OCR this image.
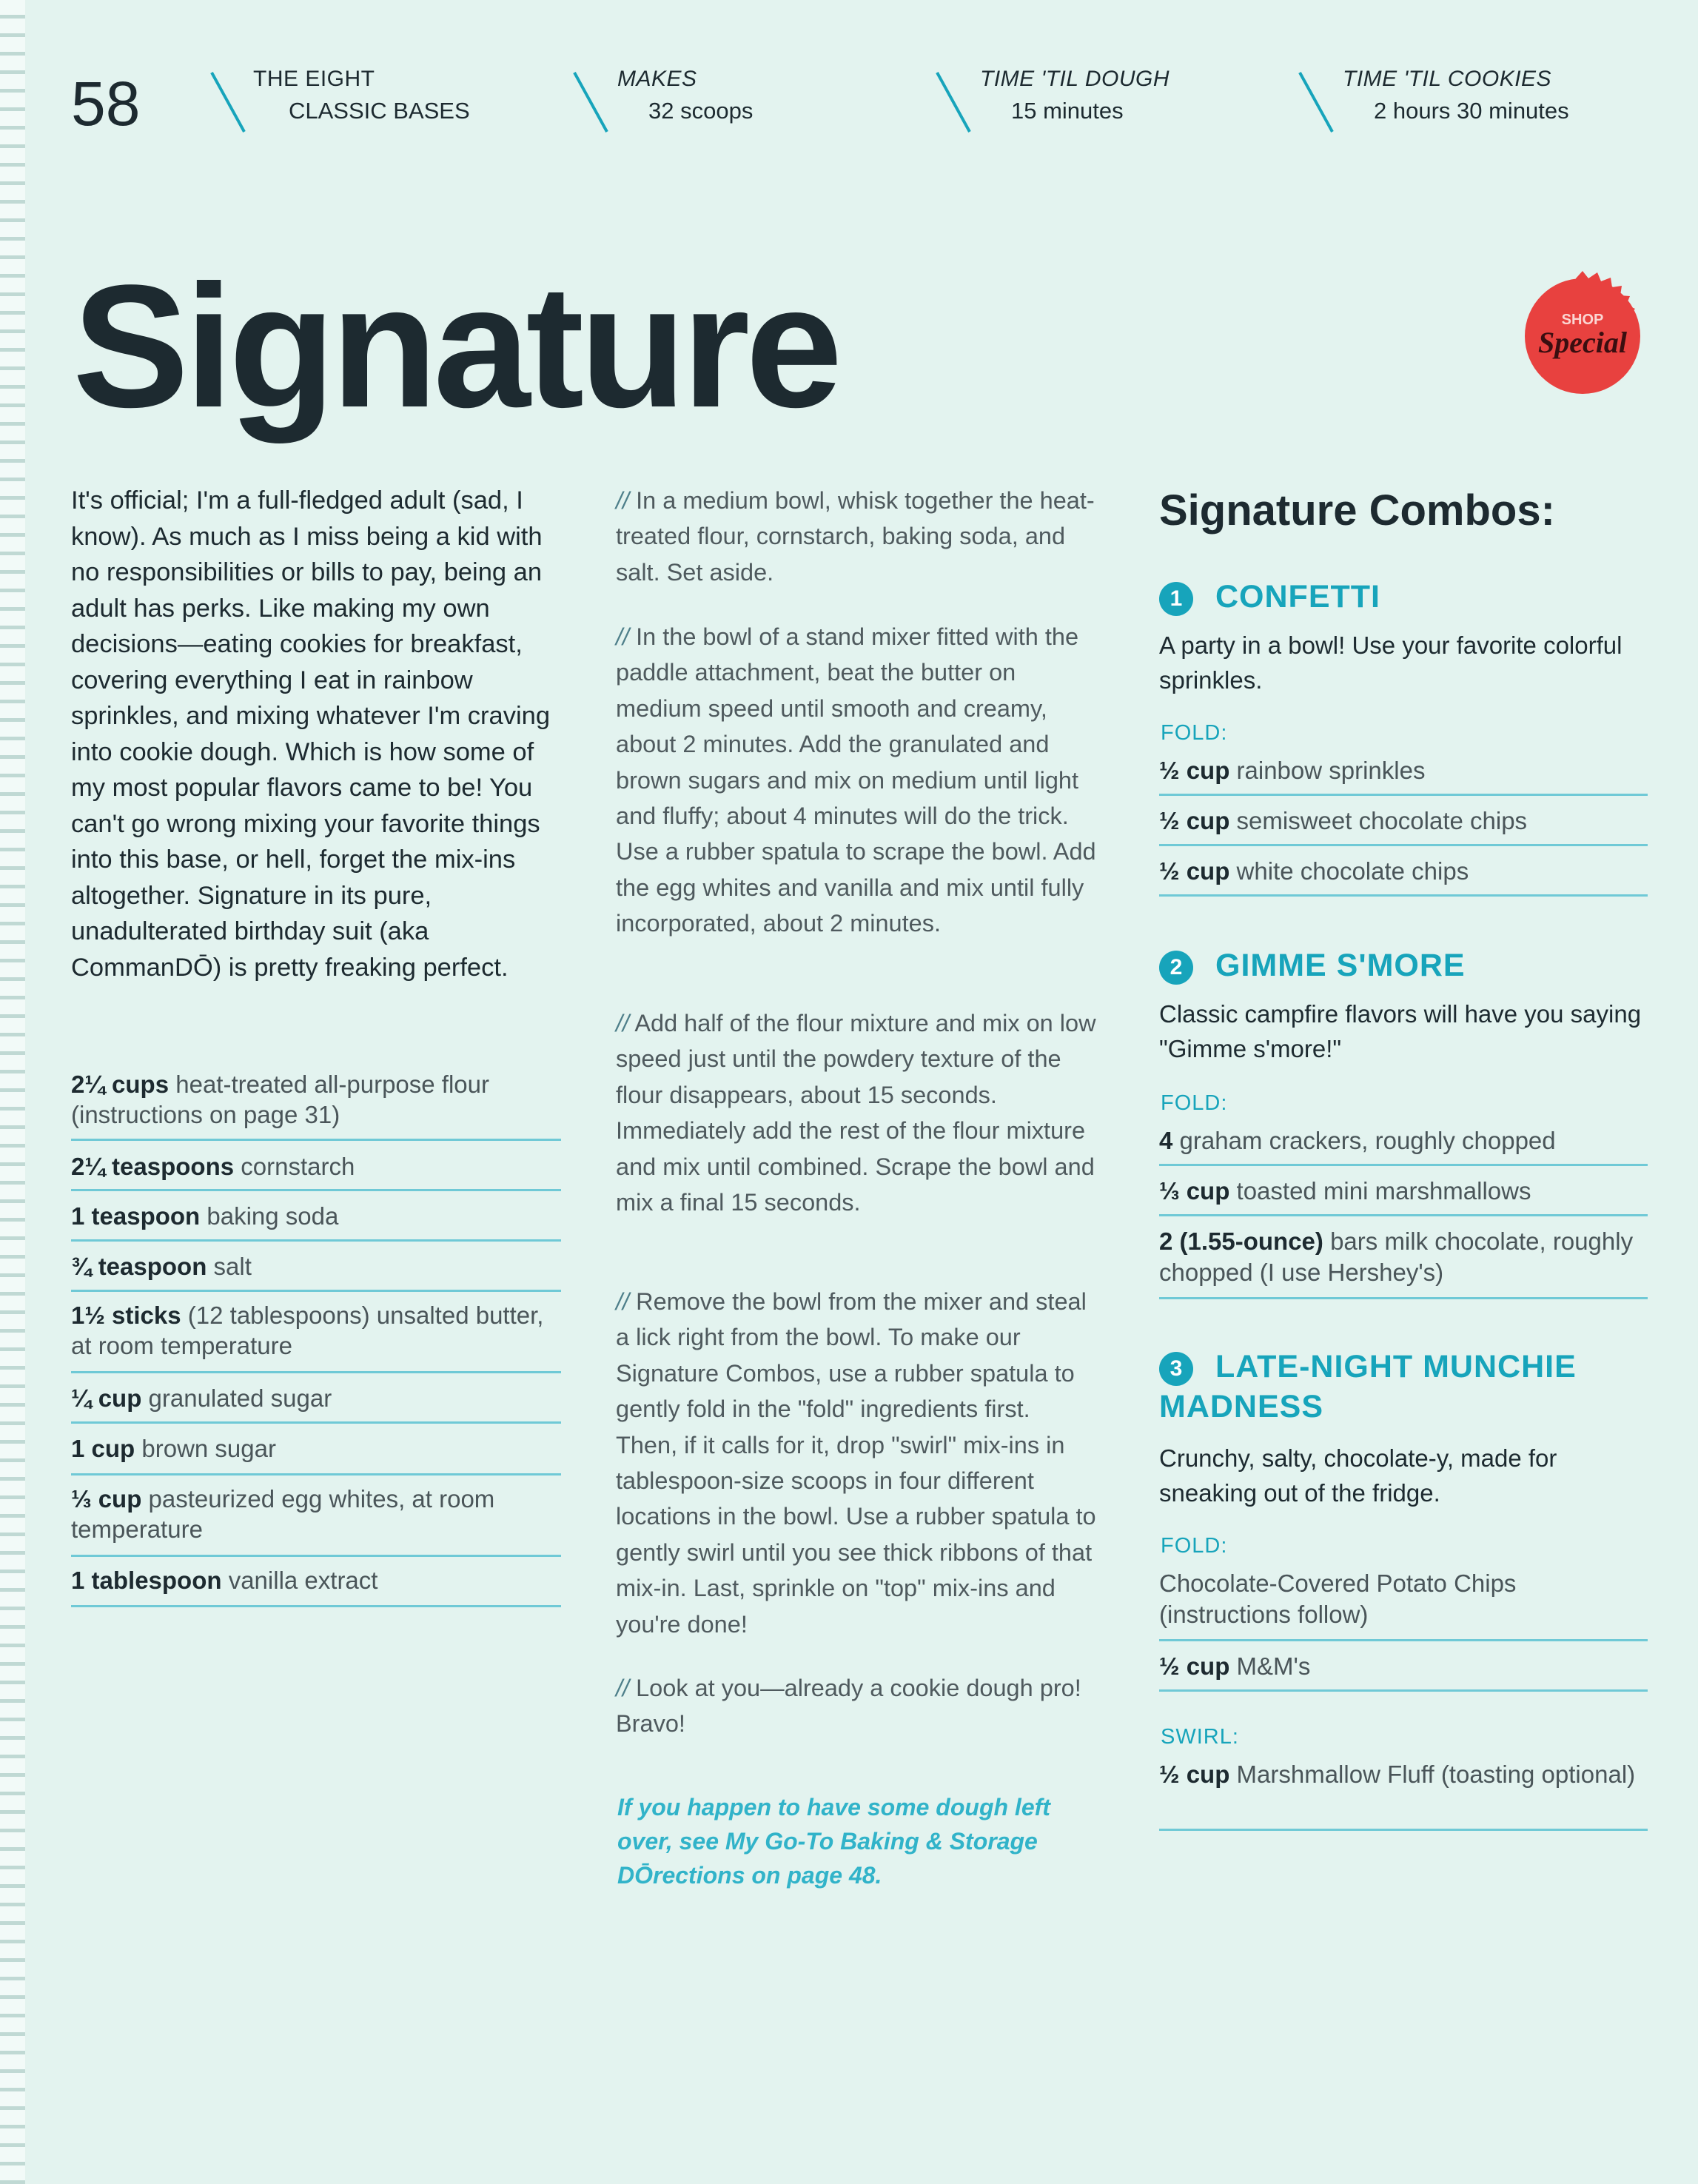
58	THE EIGHT
CLASSIC BASES
MAKES
32 scoops
TIME 'TIL DOUGH
15 minutes
TIME 'TIL COOKIES
2 hours 30 minutes
Signature	SHOP
Special
It's official; I'm a full-fledged adult (sad, I know). As much as I miss being a kid with no responsibilities or bills to pay, being an adult has perks. Like making my own decisions—eating cookies for breakfast, covering everything I eat in rainbow sprinkles, and mixing whatever I'm craving into cookie dough. Which is how some of my most popular flavors came to be! You can't go wrong mixing your favorite things into this base, or hell, forget the mix-ins altogether. Signature in its pure, unadulterated birthday suit (aka CommanDŌ) is pretty freaking perfect.
2¼ cups heat-treated all-purpose flour (instructions on page 31)
2¼ teaspoons cornstarch
1 teaspoon baking soda
¾ teaspoon salt
1½ sticks (12 tablespoons) unsalted butter, at room temperature
¼ cup granulated sugar
1 cup brown sugar
⅓ cup pasteurized egg whites, at room temperature
1 tablespoon vanilla extract
// In a medium bowl, whisk together the heat-treated flour, cornstarch, baking soda, and salt. Set aside.
// In the bowl of a stand mixer fitted with the paddle attachment, beat the butter on medium speed until smooth and creamy, about 2 minutes. Add the granulated and brown sugars and mix on medium until light and fluffy; about 4 minutes will do the trick. Use a rubber spatula to scrape the bowl. Add the egg whites and vanilla and mix until fully incorporated, about 2 minutes.
// Add half of the flour mixture and mix on low speed just until the powdery texture of the flour disappears, about 15 seconds. Immediately add the rest of the flour mixture and mix until combined. Scrape the bowl and mix a final 15 seconds.
// Remove the bowl from the mixer and steal a lick right from the bowl. To make our Signature Combos, use a rubber spatula to gently fold in the "fold" ingredients first. Then, if it calls for it, drop "swirl" mix-ins in tablespoon-size scoops in four different locations in the bowl. Use a rubber spatula to gently swirl until you see thick ribbons of that mix-in. Last, sprinkle on "top" mix-ins and you're done!
// Look at you—already a cookie dough pro! Bravo!
If you happen to have some dough left over, see My Go-To Baking & Storage DŌrections on page 48.
Signature Combos:
1	CONFETTI
A party in a bowl! Use your favorite colorful sprinkles.
FOLD:
½ cup rainbow sprinkles
½ cup semisweet chocolate chips
½ cup white chocolate chips
2	GIMME S'MORE
Classic campfire flavors will have you saying "Gimme s'more!"
FOLD:
4 graham crackers, roughly chopped
⅓ cup toasted mini marshmallows
2 (1.55-ounce) bars milk chocolate, roughly chopped (I use Hershey's)
3	LATE-NIGHT MUNCHIE
MADNESS
Crunchy, salty, chocolate-y, made for sneaking out of the fridge.
FOLD:
Chocolate-Covered Potato Chips (instructions follow)
½ cup M&M's
SWIRL:
½ cup Marshmallow Fluff (toasting optional)
